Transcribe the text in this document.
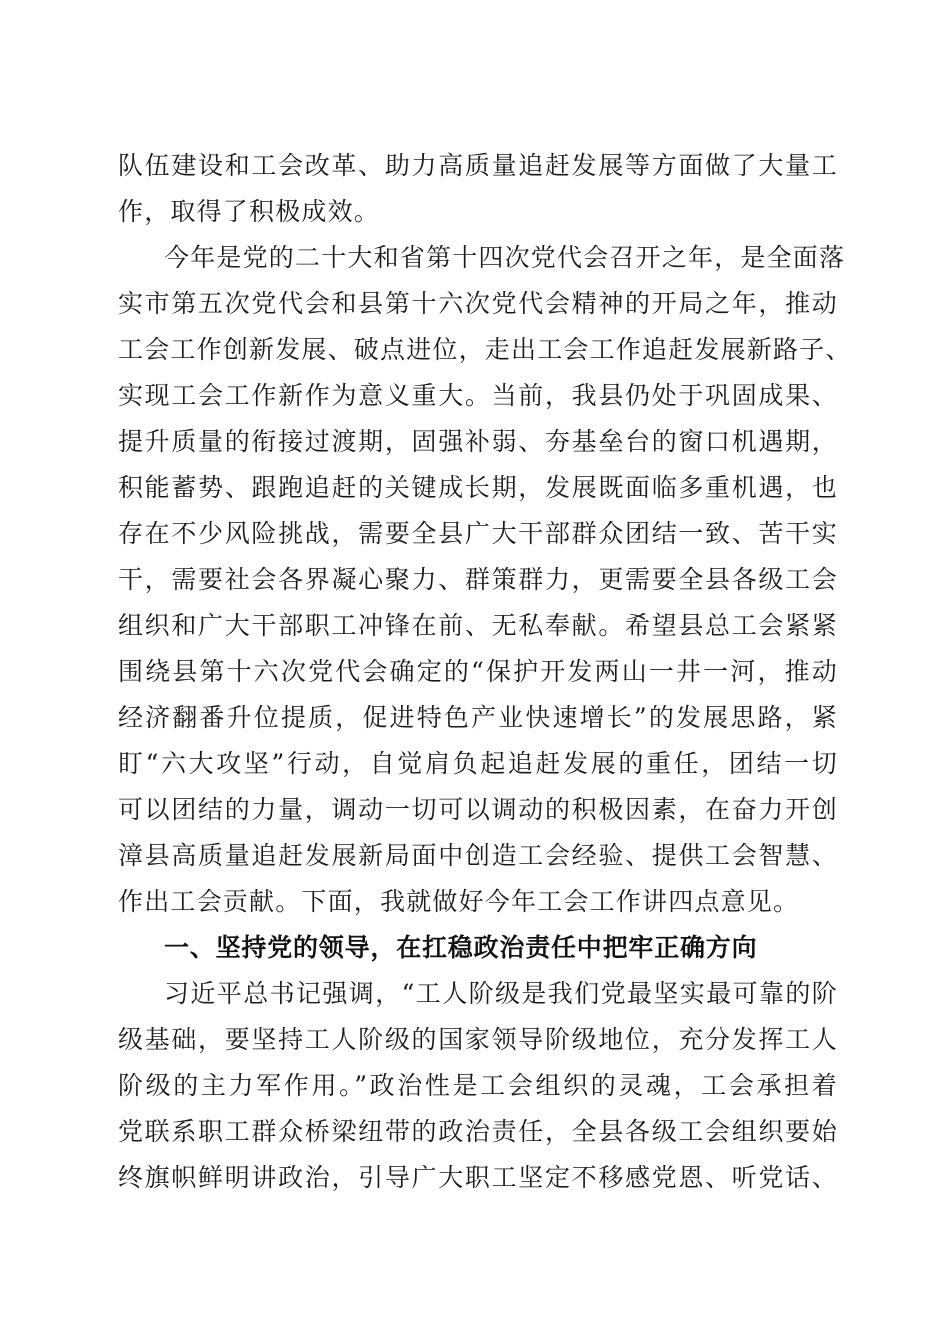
队伍建设和工会改革、助力高质量追赶发展等方面做了大量工
作，取得了积极成效。
今年是党的二十大和省第十四次党代会召开之年，是全面落
实市第五次党代会和县第十六次党代会精神的开局之年，推动
工会工作创新发展、破点进位，走出工会工作追赶发展新路子、
实现工会工作新作为意义重大。当前，我县仍处于巩固成果、
提升质量的衔接过渡期，固强补弱、夯基垒台的窗口机遇期，
积能蓄势、跟跑追赶的关键成长期，发展既面临多重机遇，也
存在不少风险挑战，需要全县广大干部群众团结一致、苦干实
干，需要社会各界凝心聚力、群策群力，更需要全县各级工会
组织和广大干部职工冲锋在前、无私奉献。希望县总工会紧紧
围绕县第十六次党代会确定的“保护开发两山一井一河，推动
经济翻番升位提质，促进特色产业快速增长”的发展思路，紧
盯“六大攻坚”行动，自觉肩负起追赶发展的重任，团结一切
可以团结的力量，调动一切可以调动的积极因素，在奋力开创
漳县高质量追赶发展新局面中创造工会经验、提供工会智慧、
作出工会贡献。下面，我就做好今年工会工作讲四点意见。
一、坚持党的领导，在扛稳政治责任中把牢正确方向
习近平总书记强调，“工人阶级是我们党最坚实最可靠的阶
级基础，要坚持工人阶级的国家领导阶级地位，充分发挥工人
阶级的主力军作用。”政治性是工会组织的灵魂，工会承担着
党联系职工群众桥梁纽带的政治责任，全县各级工会组织要始
终旗帜鲜明讲政治，引导广大职工坚定不移感党恩、听党话、
